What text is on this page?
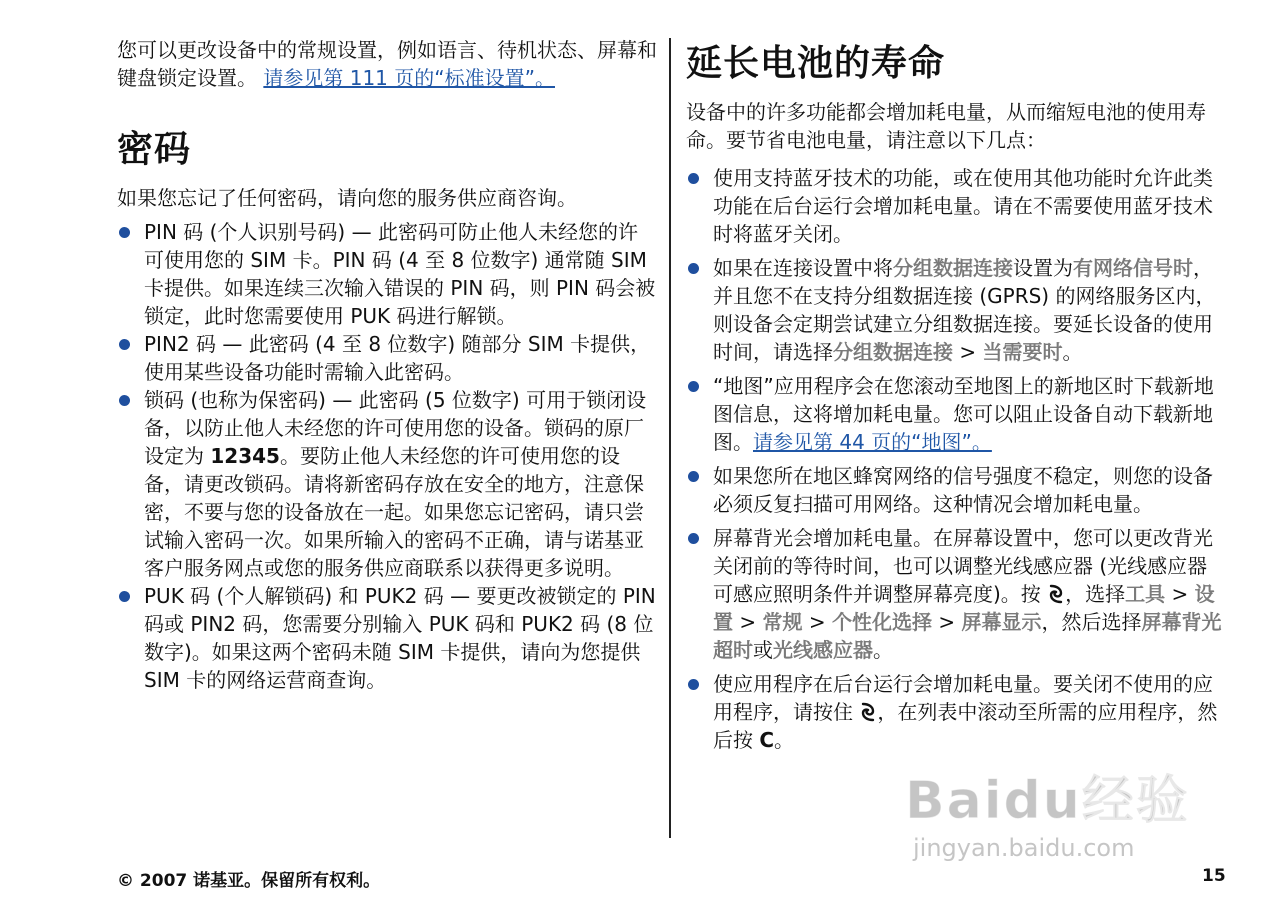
您可以更改设备中的常规设置，例如语言、待机状态、屏幕和键盘锁定设置。 请参见第 111 页的“标准设置”。

密码

如果您忘记了任何密码，请向您的服务供应商咨询。

PIN 码 (个人识别号码) — 此密码可防止他人未经您的许可使用您的 SIM 卡。PIN 码 (4 至 8 位数字) 通常随 SIM 卡提供。如果连续三次输入错误的 PIN 码，则 PIN 码会被锁定，此时您需要使用 PUK 码进行解锁。
PIN2 码 — 此密码 (4 至 8 位数字) 随部分 SIM 卡提供，使用某些设备功能时需输入此密码。
锁码 (也称为保密码) — 此密码 (5 位数字) 可用于锁闭设备，以防止他人未经您的许可使用您的设备。锁码的原厂设定为 12345。要防止他人未经您的许可使用您的设备，请更改锁码。请将新密码存放在安全的地方，注意保密，不要与您的设备放在一起。如果您忘记密码，请只尝试输入密码一次。如果所输入的密码不正确，请与诺基亚客户服务网点或您的服务供应商联系以获得更多说明。
PUK 码 (个人解锁码) 和 PUK2 码 — 要更改被锁定的 PIN 码或 PIN2 码，您需要分别输入 PUK 码和 PUK2 码 (8 位数字)。如果这两个密码未随 SIM 卡提供，请向为您提供 SIM 卡的网络运营商查询。
延长电池的寿命

设备中的许多功能都会增加耗电量，从而缩短电池的使用寿命。要节省电池电量，请注意以下几点：

使用支持蓝牙技术的功能，或在使用其他功能时允许此类功能在后台运行会增加耗电量。请在不需要使用蓝牙技术时将蓝牙关闭。
如果在连接设置中将分组数据连接设置为有网络信号时，并且您不在支持分组数据连接 (GPRS) 的网络服务区内，则设备会定期尝试建立分组数据连接。要延长设备的使用时间，请选择分组数据连接 > 当需要时。
“地图”应用程序会在您滚动至地图上的新地区时下载新地图信息，这将增加耗电量。您可以阻止设备自动下载新地图。请参见第 44 页的“地图”。
如果您所在地区蜂窝网络的信号强度不稳定，则您的设备必须反复扫描可用网络。这种情况会增加耗电量。
屏幕背光会增加耗电量。在屏幕设置中，您可以更改背光关闭前的等待时间，也可以调整光线感应器 (光线感应器可感应照明条件并调整屏幕亮度)。按 ，选择工具 > 设置 > 常规 > 个性化选择 > 屏幕显示，然后选择屏幕背光超时或光线感应器。
使应用程序在后台运行会增加耗电量。要关闭不使用的应用程序，请按住 ，在列表中滚动至所需的应用程序，然后按 C。
Baidu经验
jingyan.baidu.com
© 2007 诺基亚。保留所有权利。	15
